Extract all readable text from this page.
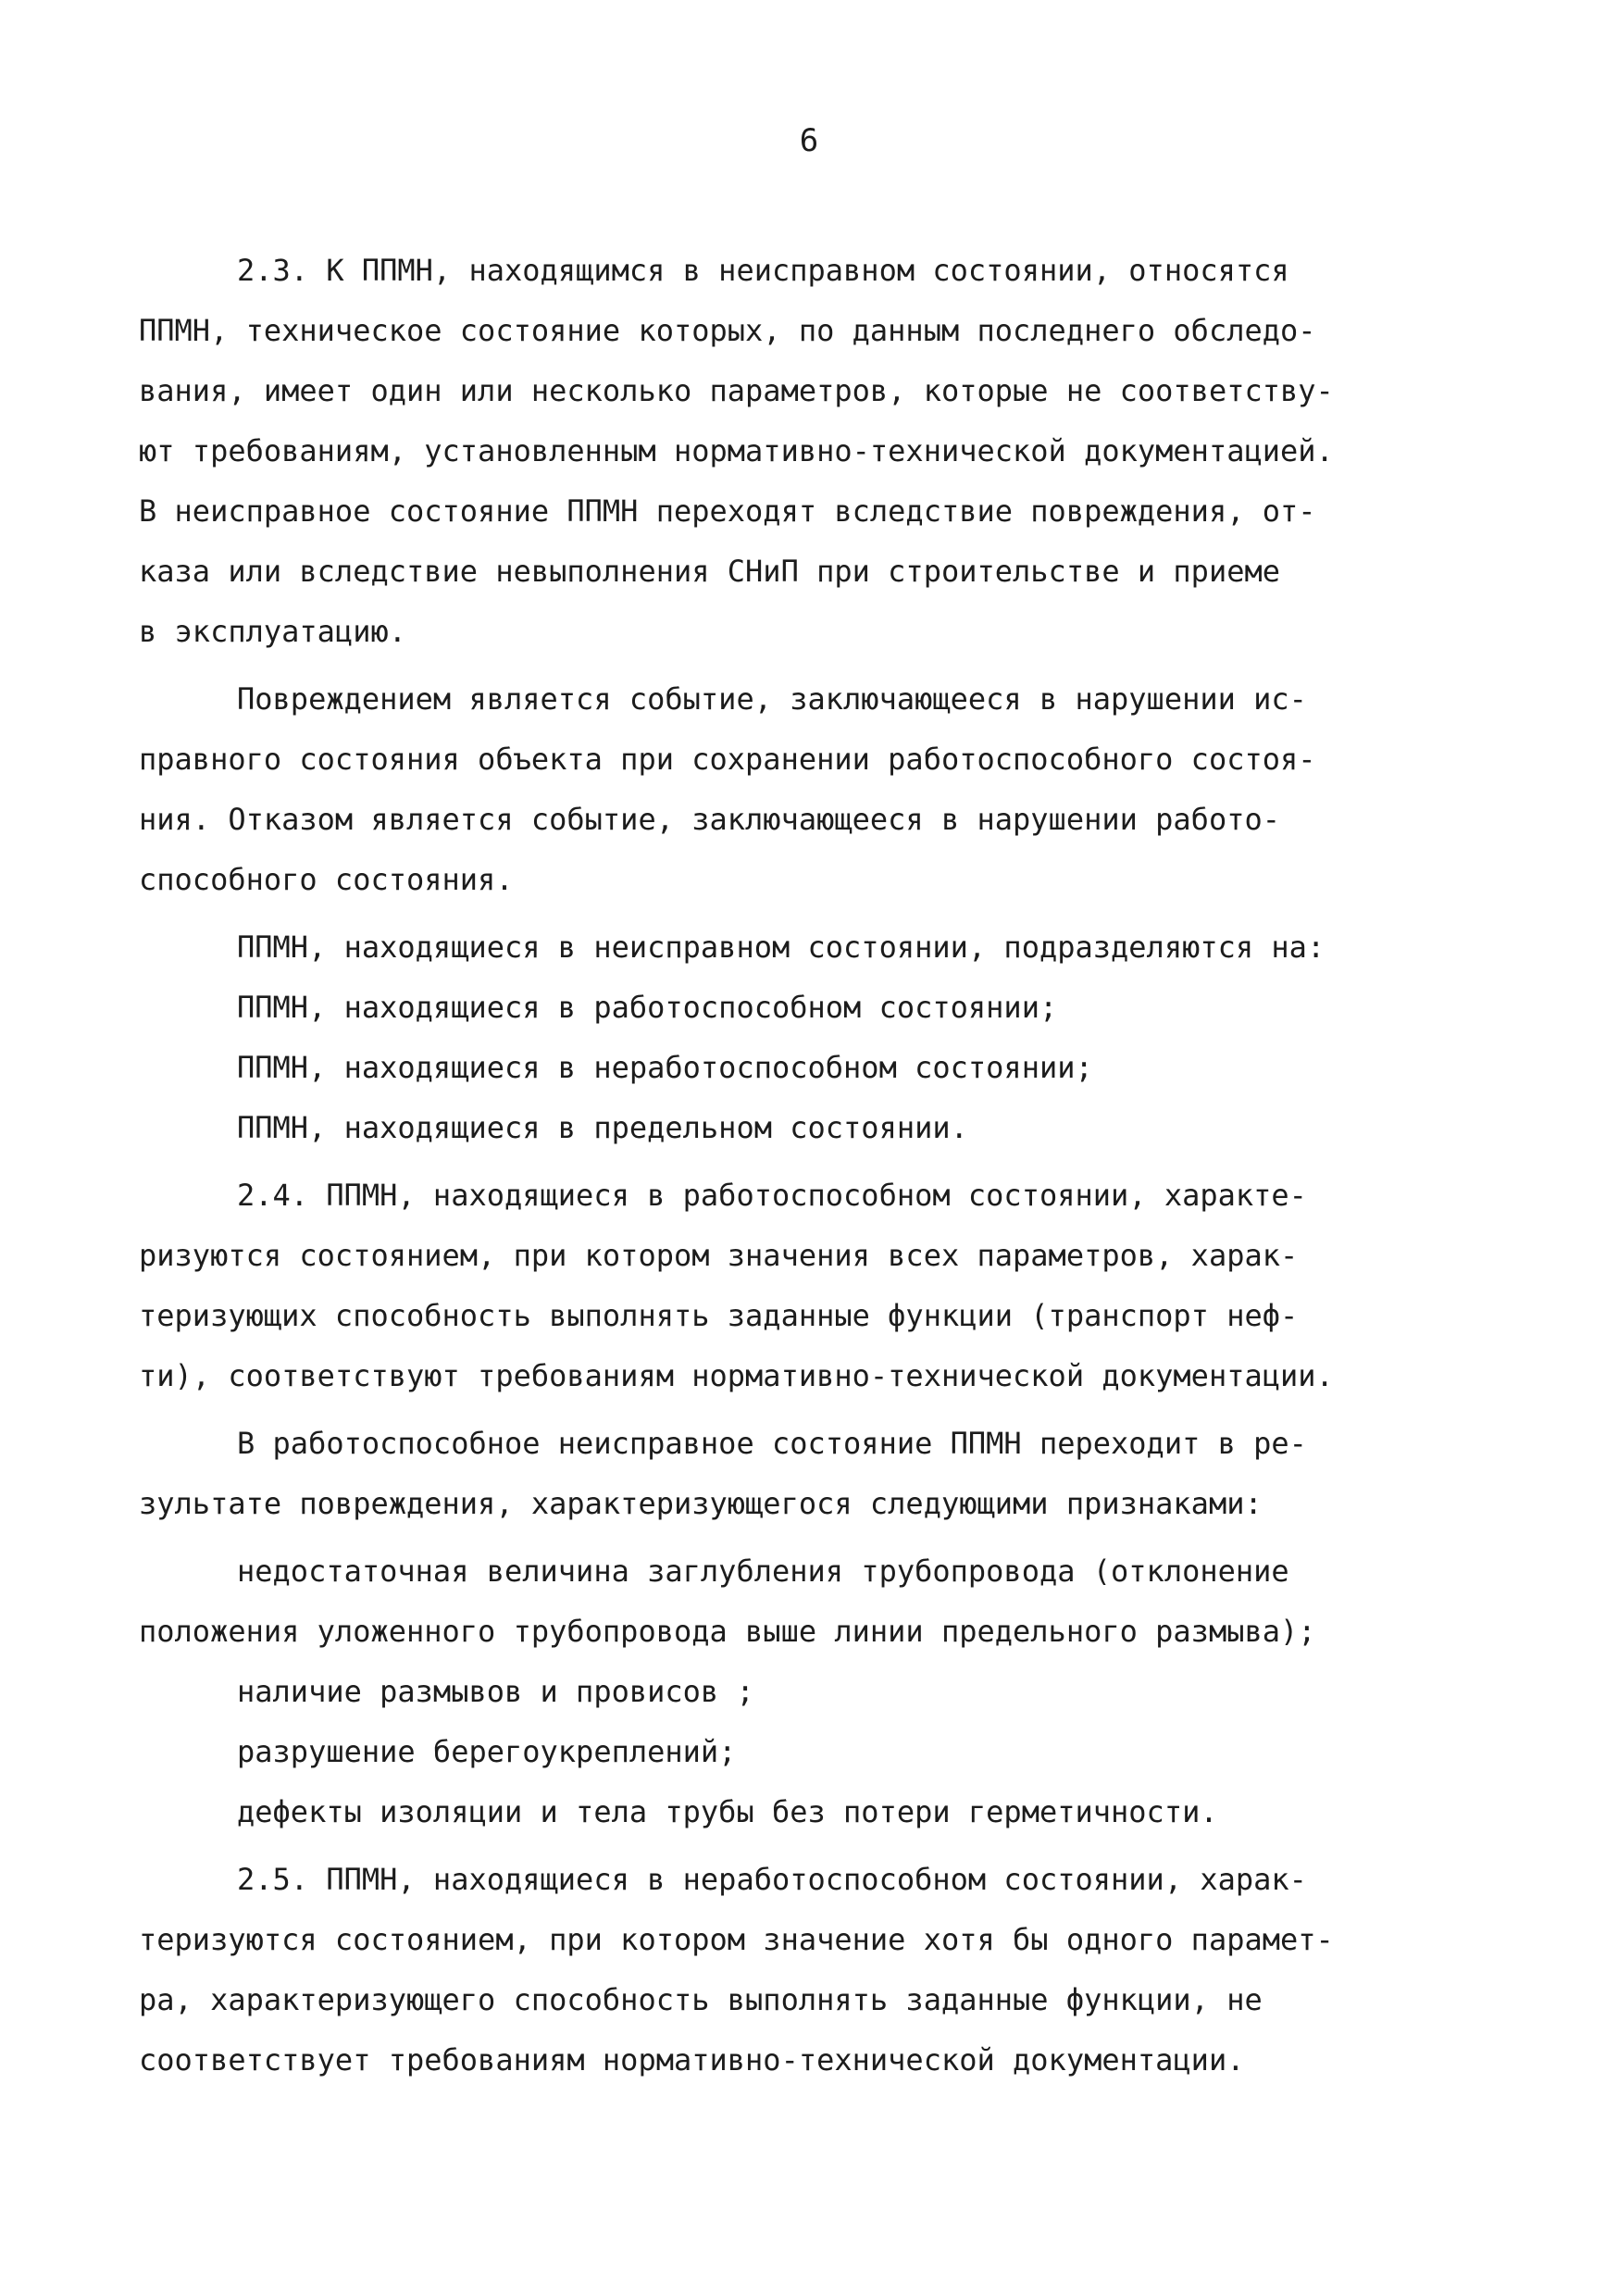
6
2.3. К ППМН, находящимся в неисправном состоянии, относятся
ППМН, техническое состояние которых, по данным последнего обследо-
вания, имеет один или несколько параметров, которые не соответству-
ют требованиям, установленным нормативно-технической документацией.
В неисправное состояние ППМН переходят вследствие повреждения, от-
каза или вследствие невыполнения СНиП при строительстве и приеме
в эксплуатацию.
Повреждением является событие, заключающееся в нарушении ис-
правного состояния объекта при сохранении работоспособного состоя-
ния. Отказом является событие, заключающееся в нарушении работо-
способного состояния.
ППМН, находящиеся в неисправном состоянии, подразделяются на:
ППМН, находящиеся в работоспособном состоянии;
ППМН, находящиеся в неработоспособном состоянии;
ППМН, находящиеся в предельном состоянии.
2.4. ППМН, находящиеся в работоспособном состоянии, характе-
ризуются состоянием, при котором значения всех параметров, харак-
теризующих способность выполнять заданные функции (транспорт неф-
ти), соответствуют требованиям нормативно-технической документации.
В работоспособное неисправное состояние ППМН переходит в ре-
зультате повреждения, характеризующегося следующими признаками:
недостаточная величина заглубления трубопровода (отклонение
положения уложенного трубопровода выше линии предельного размыва);
наличие размывов и провисов ;
разрушение берегоукреплений;
дефекты изоляции и тела трубы без потери герметичности.
2.5. ППМН, находящиеся в неработоспособном состоянии, харак-
теризуются состоянием, при котором значение хотя бы одного парамет-
ра, характеризующего способность выполнять заданные функции, не
соответствует требованиям нормативно-технической документации.
